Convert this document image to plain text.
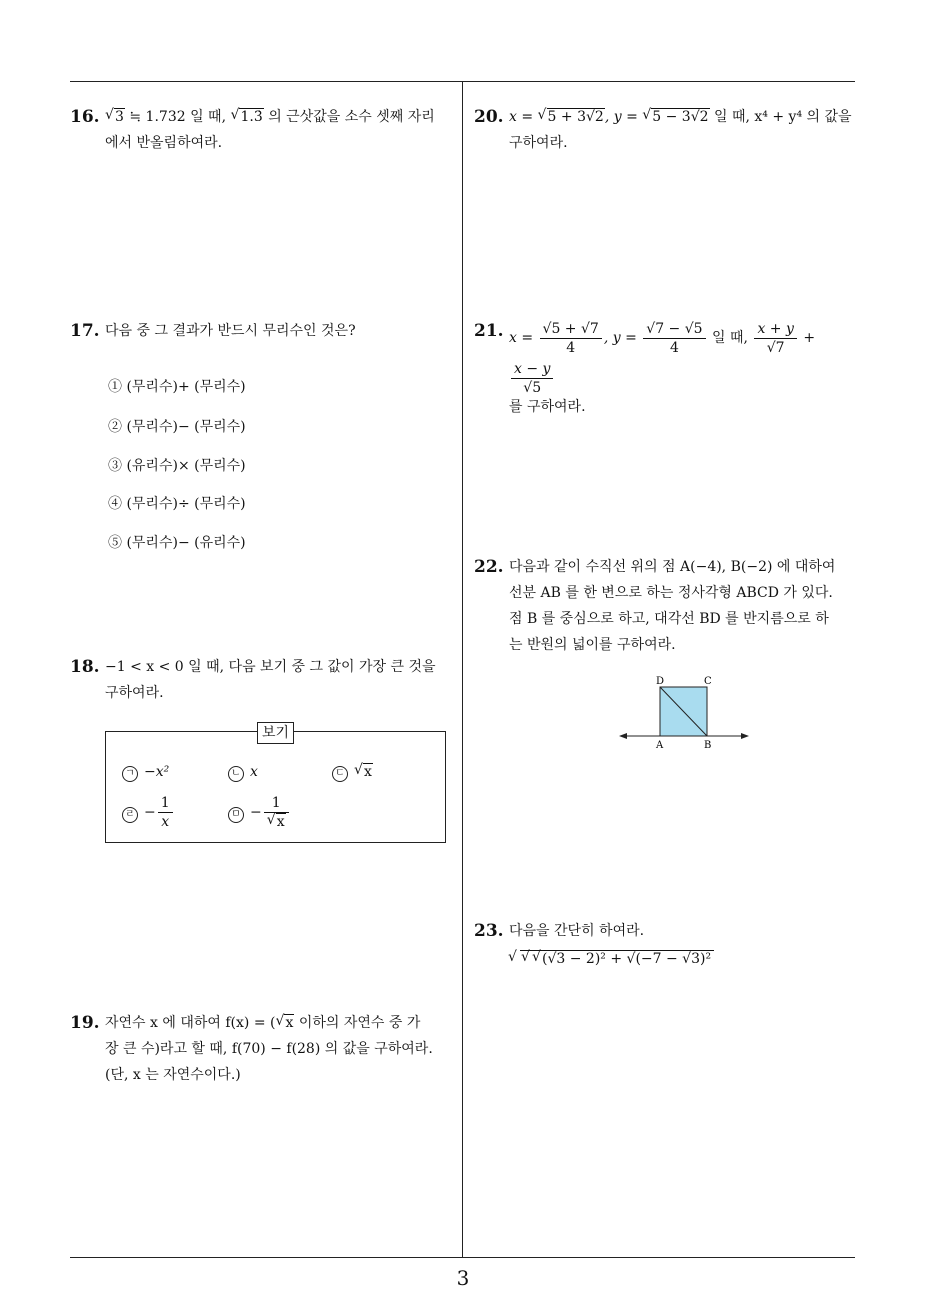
3
16.	√ 3 ≒ 1.732 일 때, √ 1.3̇ 의 근삿값을 소수 셋째 자리
에서 반올림하여라.
17. 다음 중 그 결과가 반드시 무리수인 것은?
① (무리수)+ (무리수)
② (무리수)− (무리수)
③ (유리수)× (무리수)
④ (무리수)÷ (무리수)
⑤ (무리수)− (유리수)
18. −1 < x < 0 일 때, 다음 보기 중 그 값이 가장 큰 것을
구하여라.
보기
ㄱ −x²	ㄴ x	ㄷ √ x
ㄹ − $\frac{1}{x}$	ㅁ − 1
√ x
19. 자연수 x 에 대하여 f(x) = ( √ x 이하의 자연수 중 가
장 큰 수)라고 할 때, f(70) − f(28) 의 값을 구하여라.
(단, x 는 자연수이다.)
20. x = √ 5 + 3√2, y = √ 5 − 3√2 일 때, x⁴ + y⁴ 의 값을
구하여라.
21. $x = \frac{√5 + √7}{4}$ , $y = \frac{√7 - √5}{4}$ 일 때, $\frac{x + y}{√7}$ +
$\frac{x - y}{√5}$
를 구하여라.
22. 다음과 같이 수직선 위의 점 A(−4), B(−2) 에 대하여
선분 AB 를 한 변으로 하는 정사각형 ABCD 가 있다.
점 B 를 중심으로 하고, 대각선 BD 를 반지름으로 하
는 반원의 넓이를 구하여라.
D	C
A	B
23. 다음을 간단히 하여라.
√ √ √ (√3 − 2)² + √(−7 − √3)²
